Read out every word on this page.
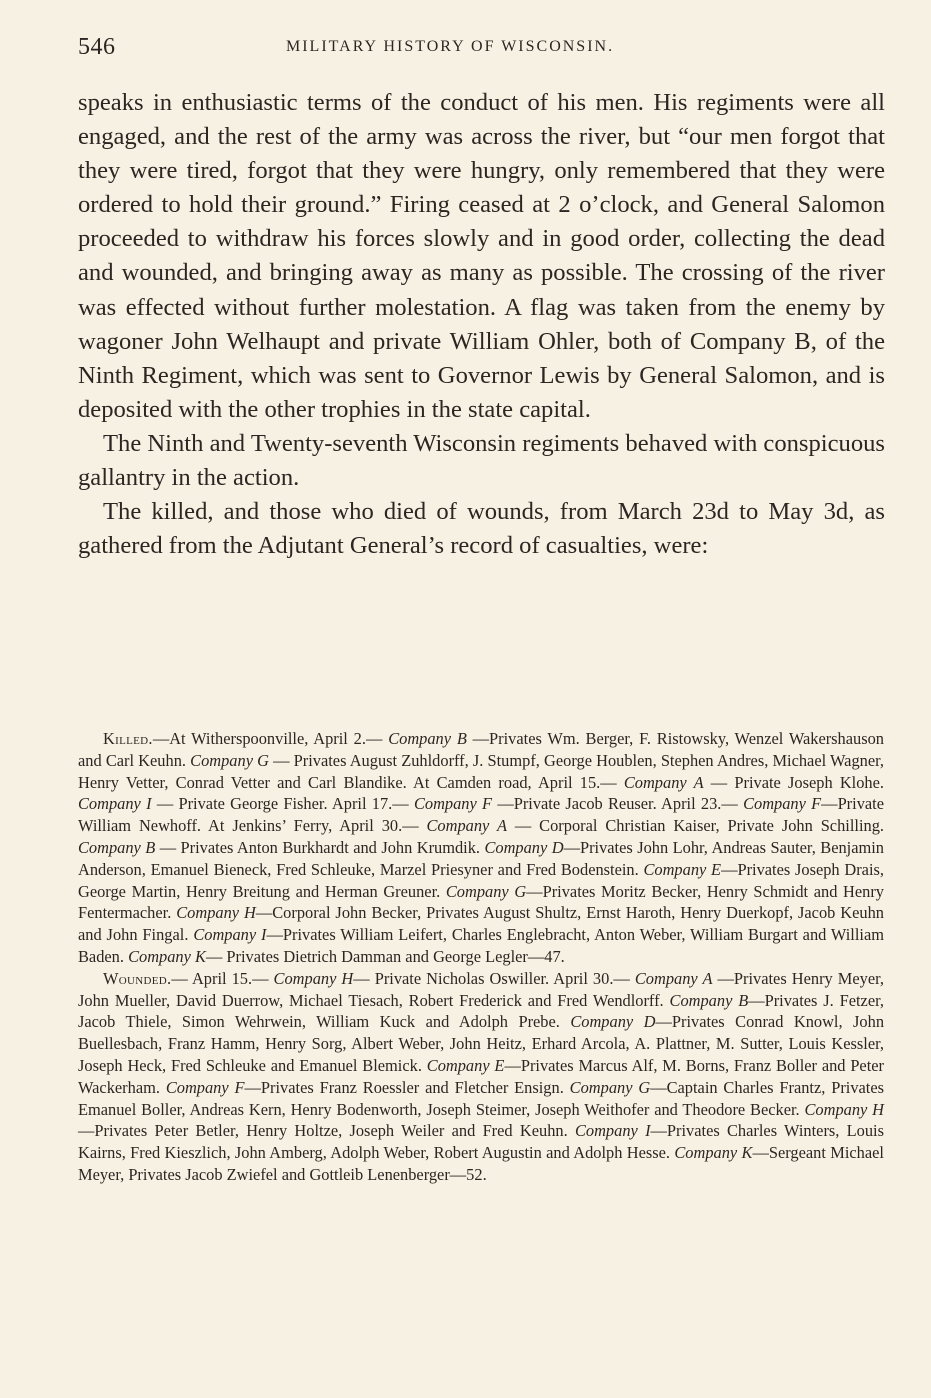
546	MILITARY HISTORY OF WISCONSIN.

speaks in enthusiastic terms of the conduct of his men. His regiments were all engaged, and the rest of the army was across the river, but “our men forgot that they were tired, forgot that they were hungry, only remembered that they were ordered to hold their ground.” Firing ceased at 2 o’clock, and General Salomon proceeded to withdraw his forces slowly and in good order, collecting the dead and wounded, and bringing away as many as possible. The crossing of the river was effected without further molestation. A flag was taken from the enemy by wagoner John Welhaupt and private William Ohler, both of Company B, of the Ninth Regiment, which was sent to Governor Lewis by General Salomon, and is deposited with the other trophies in the state capital.

The Ninth and Twenty-seventh Wisconsin regiments behaved with conspicuous gallantry in the action.

The killed, and those who died of wounds, from March 23d to May 3d, as gathered from the Adjutant General’s record of casualties, were:

Killed.—At Witherspoonville, April 2.— Company B —Privates Wm. Berger, F. Ristowsky, Wenzel Wakershauson and Carl Keuhn. Company G — Privates August Zuhldorff, J. Stumpf, George Houblen, Stephen Andres, Michael Wagner, Henry Vetter, Conrad Vetter and Carl Blandike. At Camden road, April 15.— Company A — Private Joseph Klohe. Company I — Private George Fisher. April 17.— Company F —Private Jacob Reuser. April 23.— Company F—Private William Newhoff. At Jenkins’ Ferry, April 30.— Company A — Corporal Christian Kaiser, Private John Schilling. Company B — Privates Anton Burkhardt and John Krumdik. Company D—Privates John Lohr, Andreas Sauter, Benjamin Anderson, Emanuel Bieneck, Fred Schleuke, Marzel Priesyner and Fred Bodenstein. Company E—Privates Joseph Drais, George Martin, Henry Breitung and Herman Greuner. Company G—Privates Moritz Becker, Henry Schmidt and Henry Fentermacher. Company H—Corporal John Becker, Privates August Shultz, Ernst Haroth, Henry Duerkopf, Jacob Keuhn and John Fingal. Company I—Privates William Leifert, Charles Englebracht, Anton Weber, William Burgart and William Baden. Company K— Privates Dietrich Damman and George Legler—47.

Wounded.— April 15.— Company H— Private Nicholas Oswiller. April 30.— Company A —Privates Henry Meyer, John Mueller, David Duerrow, Michael Tiesach, Robert Frederick and Fred Wendlorff. Company B—Privates J. Fetzer, Jacob Thiele, Simon Wehrwein, William Kuck and Adolph Prebe. Company D—Privates Conrad Knowl, John Buellesbach, Franz Hamm, Henry Sorg, Albert Weber, John Heitz, Erhard Arcola, A. Plattner, M. Sutter, Louis Kessler, Joseph Heck, Fred Schleuke and Emanuel Blemick. Company E—Privates Marcus Alf, M. Borns, Franz Boller and Peter Wackerham. Company F—Privates Franz Roessler and Fletcher Ensign. Company G—Captain Charles Frantz, Privates Emanuel Boller, Andreas Kern, Henry Bodenworth, Joseph Steimer, Joseph Weithofer and Theodore Becker. Company H—Privates Peter Betler, Henry Holtze, Joseph Weiler and Fred Keuhn. Company I—Privates Charles Winters, Louis Kairns, Fred Kieszlich, John Amberg, Adolph Weber, Robert Augustin and Adolph Hesse. Company K—Sergeant Michael Meyer, Privates Jacob Zwiefel and Gottleib Lenenberger—52.
